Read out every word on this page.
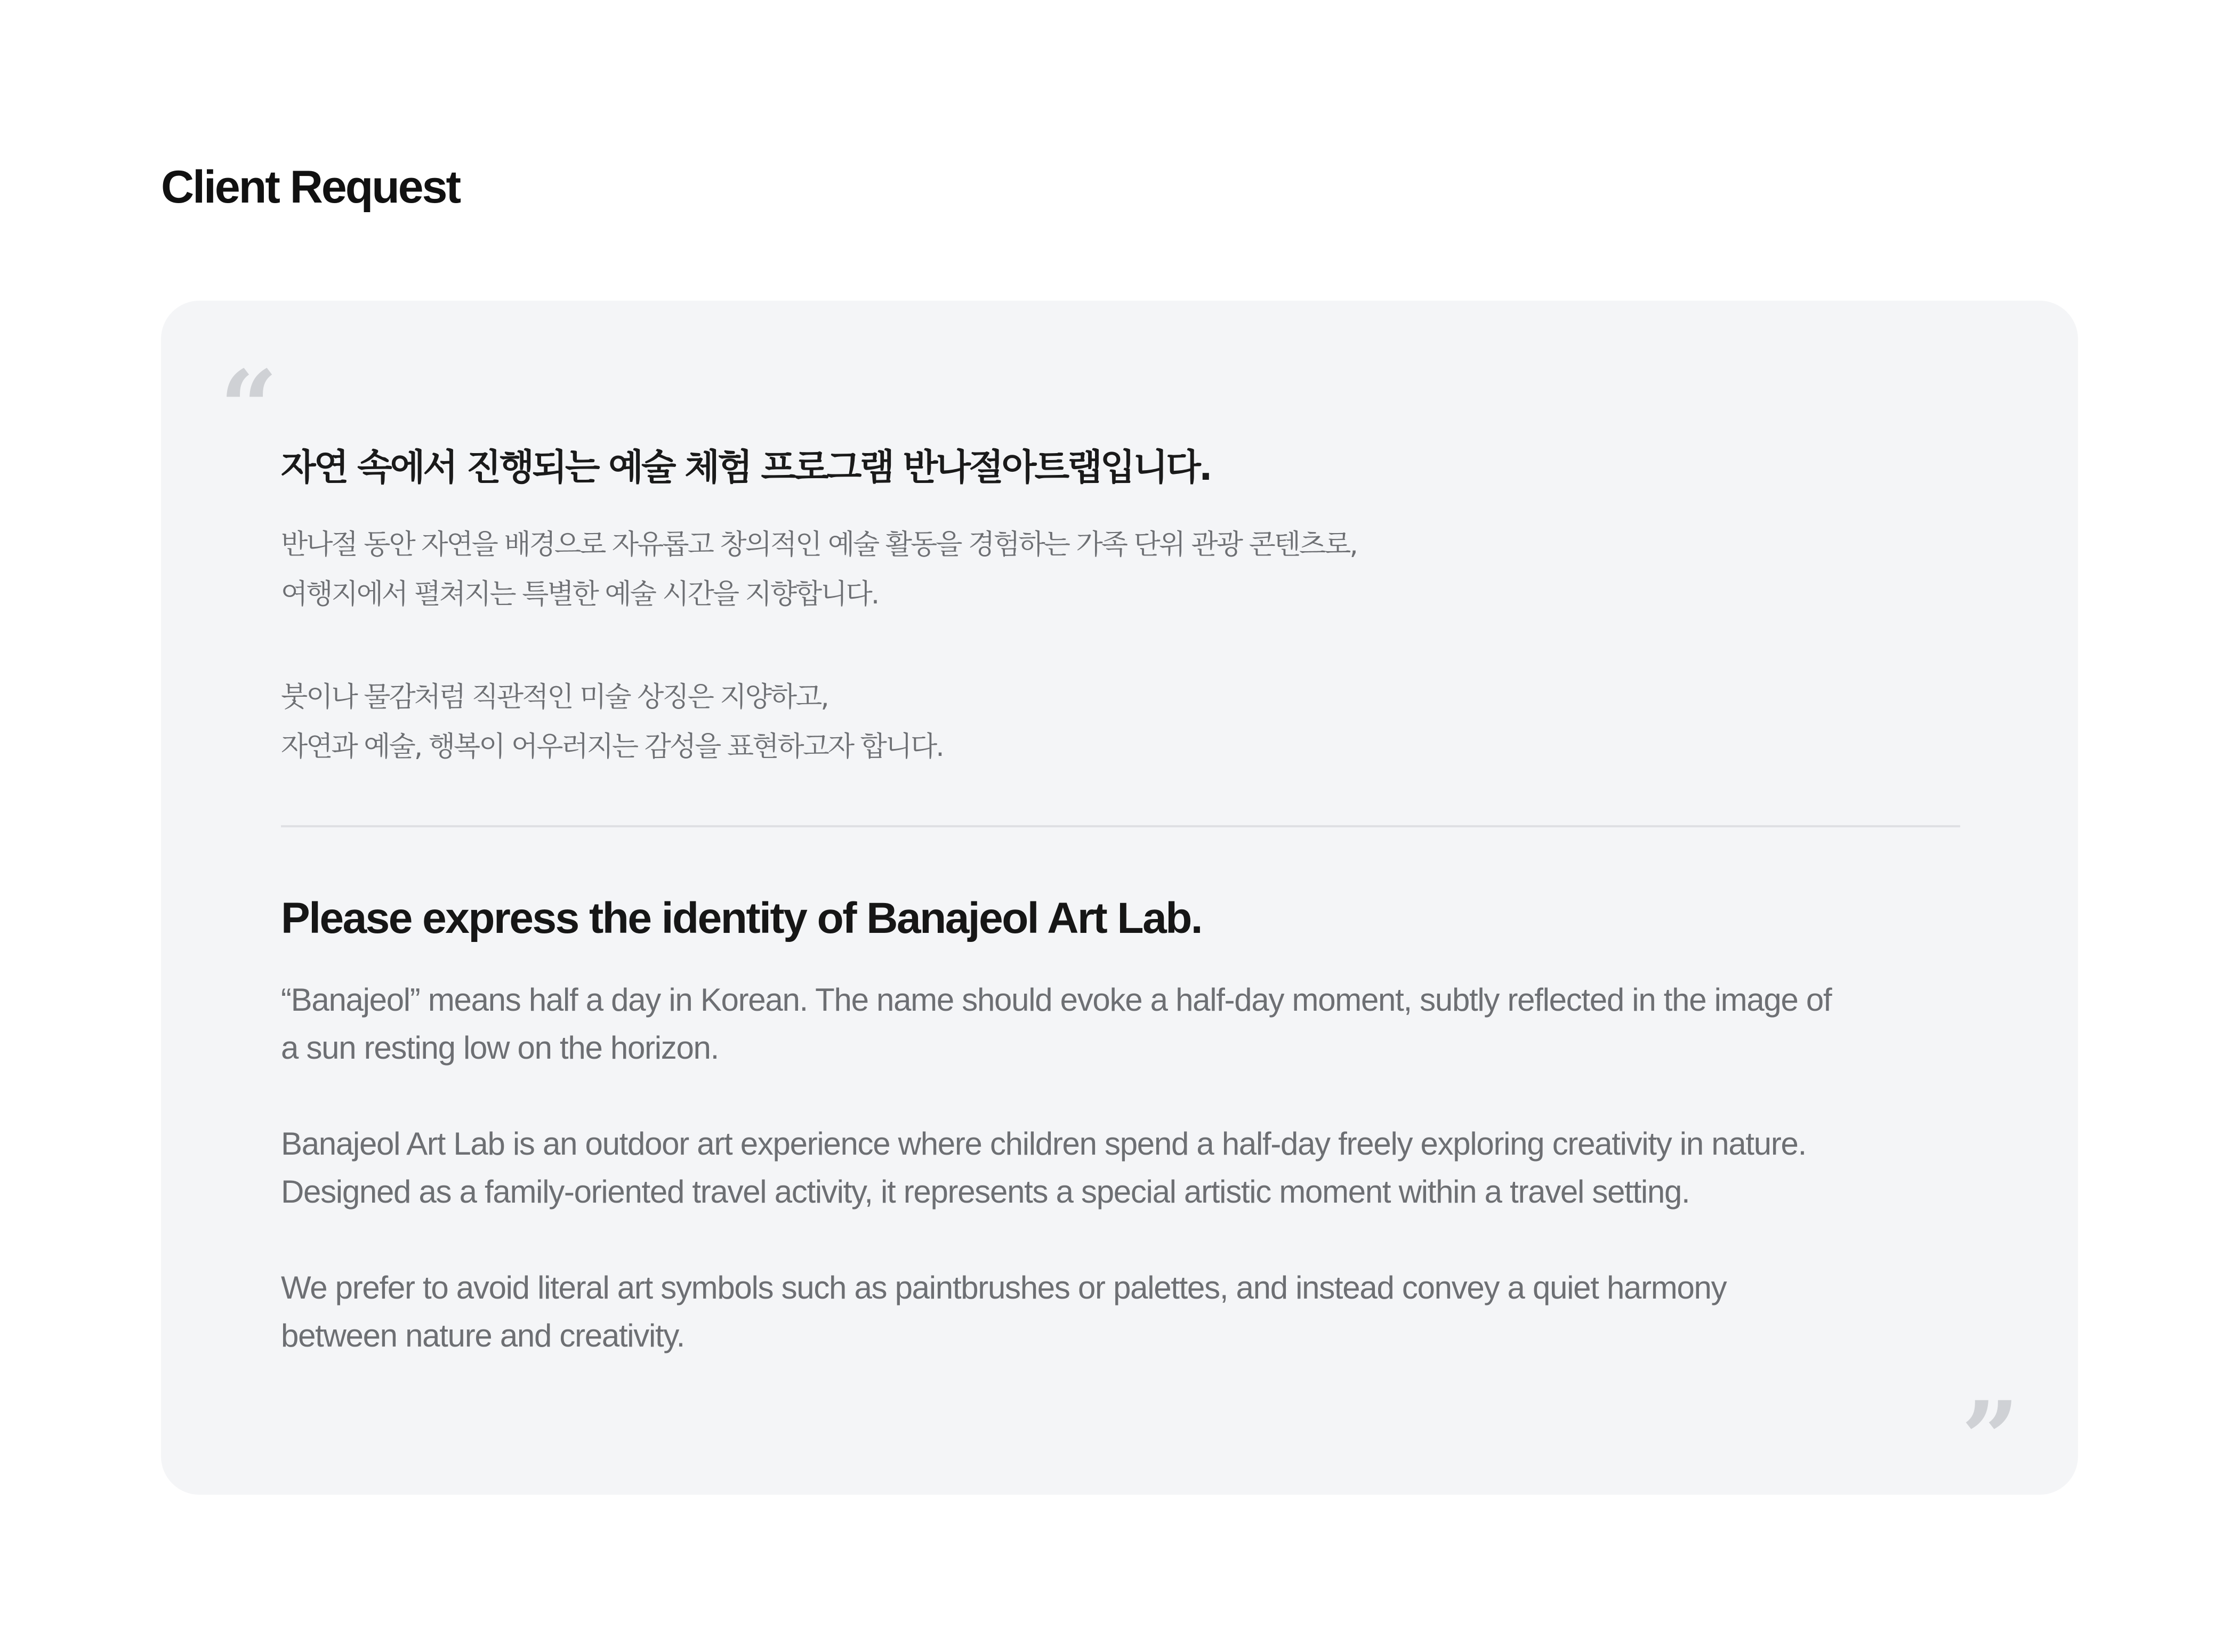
Client Request
“
자연 속에서 진행되는 예술 체험 프로그램 반나절아트랩입니다.

반나절 동안 자연을 배경으로 자유롭고 창의적인 예술 활동을 경험하는 가족 단위 관광 콘텐츠로,
여행지에서 펼쳐지는 특별한 예술 시간을 지향합니다.

붓이나 물감처럼 직관적인 미술 상징은 지양하고,
자연과 예술, 행복이 어우러지는 감성을 표현하고자 합니다.

Please express the identity of Banajeol Art Lab.

“Banajeol” means half a day in Korean. The name should evoke a half-day moment, subtly reflected in the image of
a sun resting low on the horizon.

Banajeol Art Lab is an outdoor art experience where children spend a half-day freely exploring creativity in nature.
Designed as a family-oriented travel activity, it represents a special artistic moment within a travel setting.

We prefer to avoid literal art symbols such as paintbrushes or palettes, and instead convey a quiet harmony
between nature and creativity.

”
